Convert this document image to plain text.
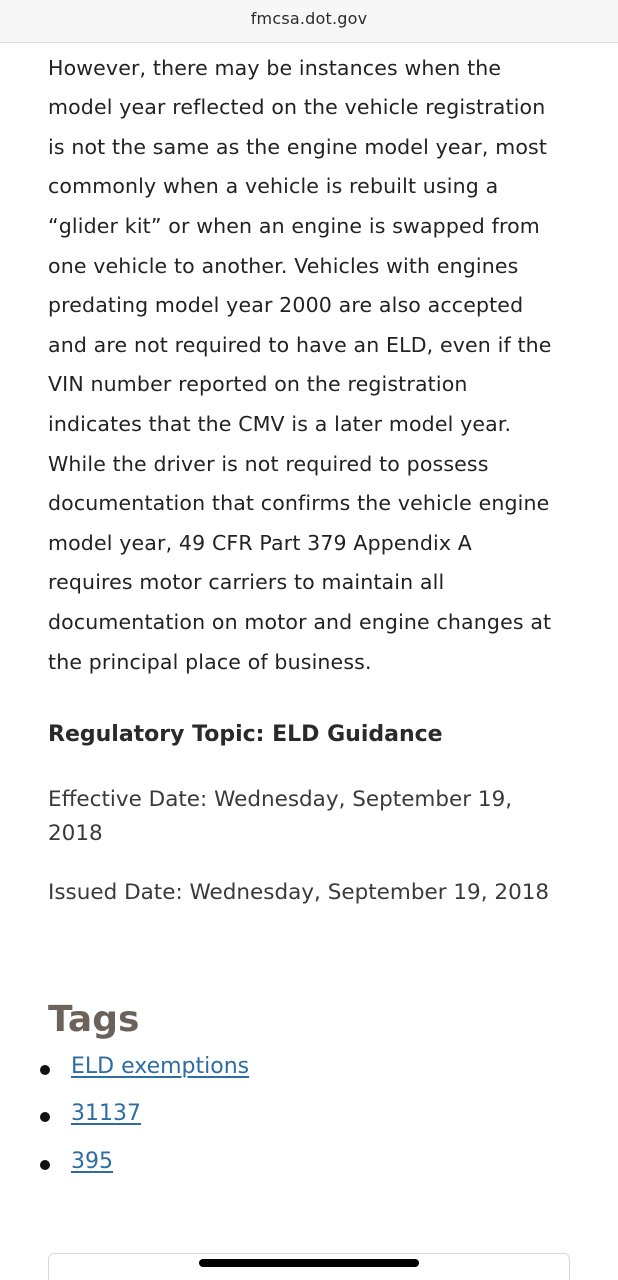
fmcsa.dot.gov
However, there may be instances when the
model year reflected on the vehicle registration
is not the same as the engine model year, most
commonly when a vehicle is rebuilt using a
“glider kit” or when an engine is swapped from
one vehicle to another. Vehicles with engines
predating model year 2000 are also accepted
and are not required to have an ELD, even if the
VIN number reported on the registration
indicates that the CMV is a later model year.
While the driver is not required to possess
documentation that confirms the vehicle engine
model year, 49 CFR Part 379 Appendix A
requires motor carriers to maintain all
documentation on motor and engine changes at
the principal place of business.
Regulatory Topic: ELD Guidance
Effective Date: Wednesday, September 19,
2018
Issued Date: Wednesday, September 19, 2018
Tags
ELD exemptions
31137
395
